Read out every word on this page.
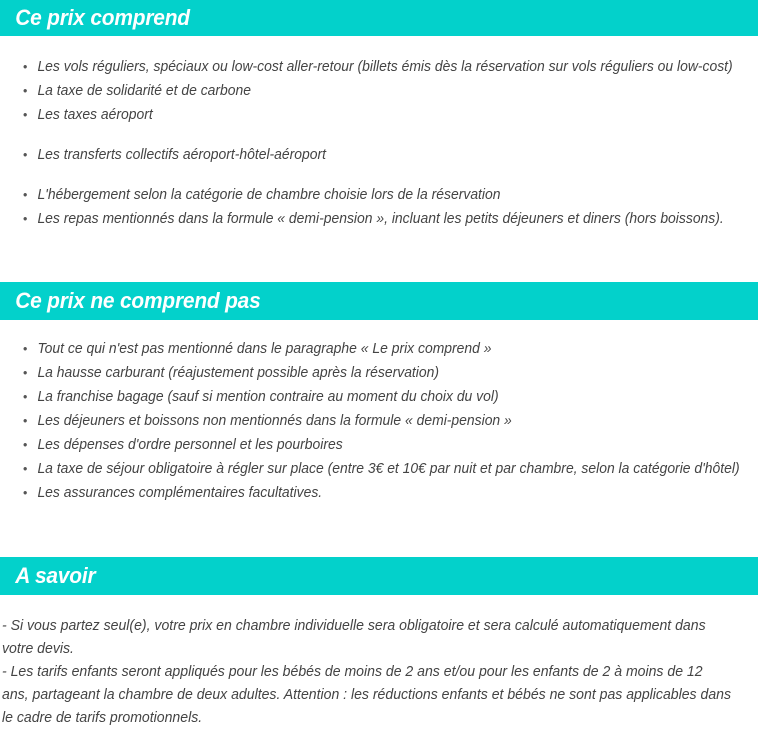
Ce prix comprend
• Les vols réguliers, spéciaux ou low-cost aller-retour (billets émis dès la réservation sur vols réguliers ou low-cost)
• La taxe de solidarité et de carbone
• Les taxes aéroport
• Les transferts collectifs aéroport-hôtel-aéroport
• L'hébergement selon la catégorie de chambre choisie lors de la réservation
• Les repas mentionnés dans la formule « demi-pension », incluant les petits déjeuners et diners (hors boissons).
Ce prix ne comprend pas
• Tout ce qui n'est pas mentionné dans le paragraphe « Le prix comprend »
• La hausse carburant (réajustement possible après la réservation)
• La franchise bagage (sauf si mention contraire au moment du choix du vol)
• Les déjeuners et boissons non mentionnés dans la formule « demi-pension »
• Les dépenses d'ordre personnel et les pourboires
• La taxe de séjour obligatoire à régler sur place (entre 3€ et 10€ par nuit et par chambre, selon la catégorie d'hôtel)
• Les assurances complémentaires facultatives.
A savoir

- Si vous partez seul(e), votre prix en chambre individuelle sera obligatoire et sera calculé automatiquement dans votre devis.

- Les tarifs enfants seront appliqués pour les bébés de moins de 2 ans et/ou pour les enfants de 2 à moins de 12 ans, partageant la chambre de deux adultes. Attention : les réductions enfants et bébés ne sont pas applicables dans le cadre de tarifs promotionnels.
